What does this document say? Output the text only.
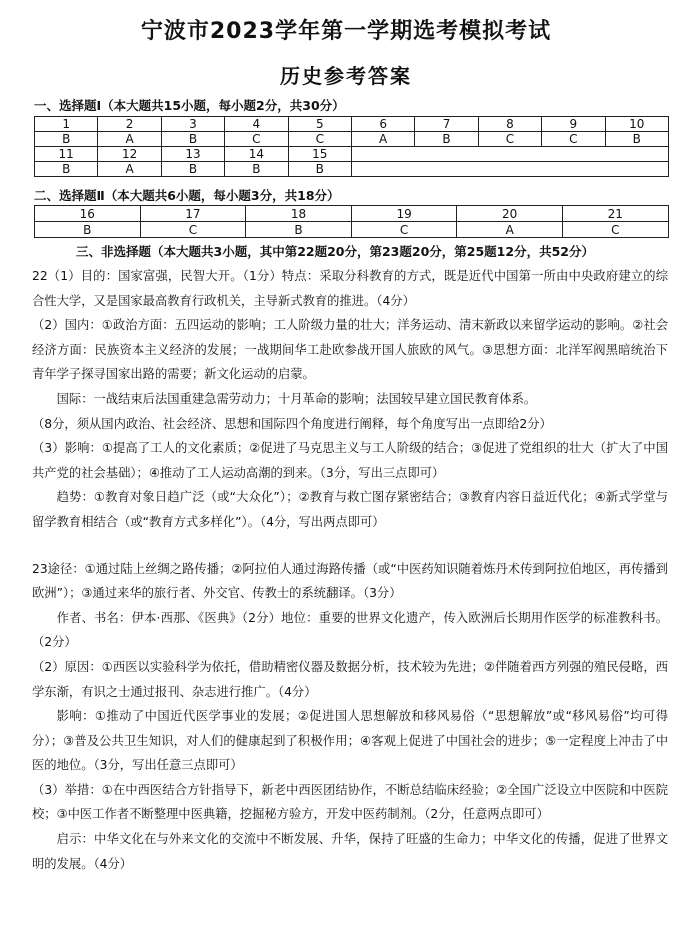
宁波市2023学年第一学期选考模拟考试
历史参考答案
一、选择题Ⅰ（本大题共15小题，每小题2分，共30分）
1	2	3	4	5	6	7	8	9	10
B	A	B	C	C	A	B	C	C	B
11	12	13	14	15					
B	A	B	B	B					
二、选择题Ⅱ（本大题共6小题，每小题3分，共18分）
16	17	18	19	20	21
B	C	B	C	A	C
三、非选择题（本大题共3小题，其中第22题20分，第23题20分，第25题12分，共52分）
22（1）目的：国家富强，民智大开。（1分）特点：采取分科教育的方式，既是近代中国第一所由中央政府建立的综合性大学，又是国家最高教育行政机关，主导新式教育的推进。（4分）
（2）国内：①政治方面：五四运动的影响；工人阶级力量的壮大；洋务运动、清末新政以来留学运动的影响。②社会经济方面：民族资本主义经济的发展；一战期间华工赴欧参战开国人旅欧的风气。③思想方面：北洋军阀黑暗统治下青年学子探寻国家出路的需要；新文化运动的启蒙。
国际：一战结束后法国重建急需劳动力；十月革命的影响；法国较早建立国民教育体系。
（8分，须从国内政治、社会经济、思想和国际四个角度进行阐释，每个角度写出一点即给2分）
（3）影响：①提高了工人的文化素质；②促进了马克思主义与工人阶级的结合；③促进了党组织的壮大（扩大了中国共产党的社会基础）；④推动了工人运动高潮的到来。（3分，写出三点即可）
趋势：①教育对象日趋广泛（或“大众化”）；②教育与救亡图存紧密结合；③教育内容日益近代化；④新式学堂与留学教育相结合（或“教育方式多样化”）。（4分，写出两点即可）
23途径：①通过陆上丝绸之路传播；②阿拉伯人通过海路传播（或“中医药知识随着炼丹术传到阿拉伯地区，再传播到欧洲”）；③通过来华的旅行者、外交官、传教士的系统翻译。（3分）
作者、书名：伊本·西那、《医典》（2分）地位：重要的世界文化遗产，传入欧洲后长期用作医学的标准教科书。（2分）
（2）原因：①西医以实验科学为依托，借助精密仪器及数据分析，技术较为先进；②伴随着西方列强的殖民侵略，西学东渐，有识之士通过报刊、杂志进行推广。（4分）
影响：①推动了中国近代医学事业的发展；②促进国人思想解放和移风易俗（“思想解放”或“移风易俗”均可得分）；③普及公共卫生知识，对人们的健康起到了积极作用；④客观上促进了中国社会的进步；⑤一定程度上冲击了中医的地位。（3分，写出任意三点即可）
（3）举措：①在中西医结合方针指导下，新老中西医团结协作，不断总结临床经验；②全国广泛设立中医院和中医院校；③中医工作者不断整理中医典籍，挖掘秘方验方，开发中医药制剂。（2分，任意两点即可）
启示：中华文化在与外来文化的交流中不断发展、升华，保持了旺盛的生命力；中华文化的传播，促进了世界文明的发展。（4分）
